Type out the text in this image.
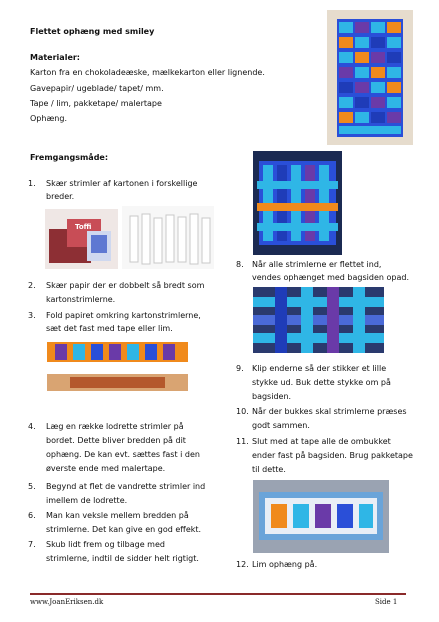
Flettet ophæng med smiley
Materialer:
Karton fra en chokoladeæske, mælkekarton eller lignende.
Gavepapir/ ugeblade/ tapet/ mm.
Tape / lim, pakketape/ malertape
Ophæng.
Fremgangsmåde:
1.	Skær strimler af kartonen i forskellige
breder.
Toffi
2.	Skær papir der er dobbelt så bredt som
kartonstrimlerne.
3.	Fold papiret omkring kartonstrimlerne,
sæt det fast med tape eller lim.
4.	Læg en række lodrette strimler på
bordet. Dette bliver bredden på dit
ophæng. De kan evt. sættes fast i den
øverste ende med malertape.
5.	Begynd at flet de vandrette strimler ind
imellem de lodrette.
6.	Man kan veksle mellem bredden på
strimlerne. Det kan give en god effekt.
7.	Skub lidt frem og tilbage med
strimlerne, indtil de sidder helt rigtigt.
8.	Når alle strimlerne er flettet ind,
vendes ophænget med bagsiden opad.
9.	Klip enderne så der stikker et lille
stykke ud. Buk dette stykke om på
bagsiden.
10. Når der bukkes skal strimlerne præses
godt sammen.
11. Slut med at tape alle de ombukket
ender fast på bagsiden. Brug pakketape
til dette.
12. Lim ophæng på.
www.JoanEriksen.dk	Side 1
